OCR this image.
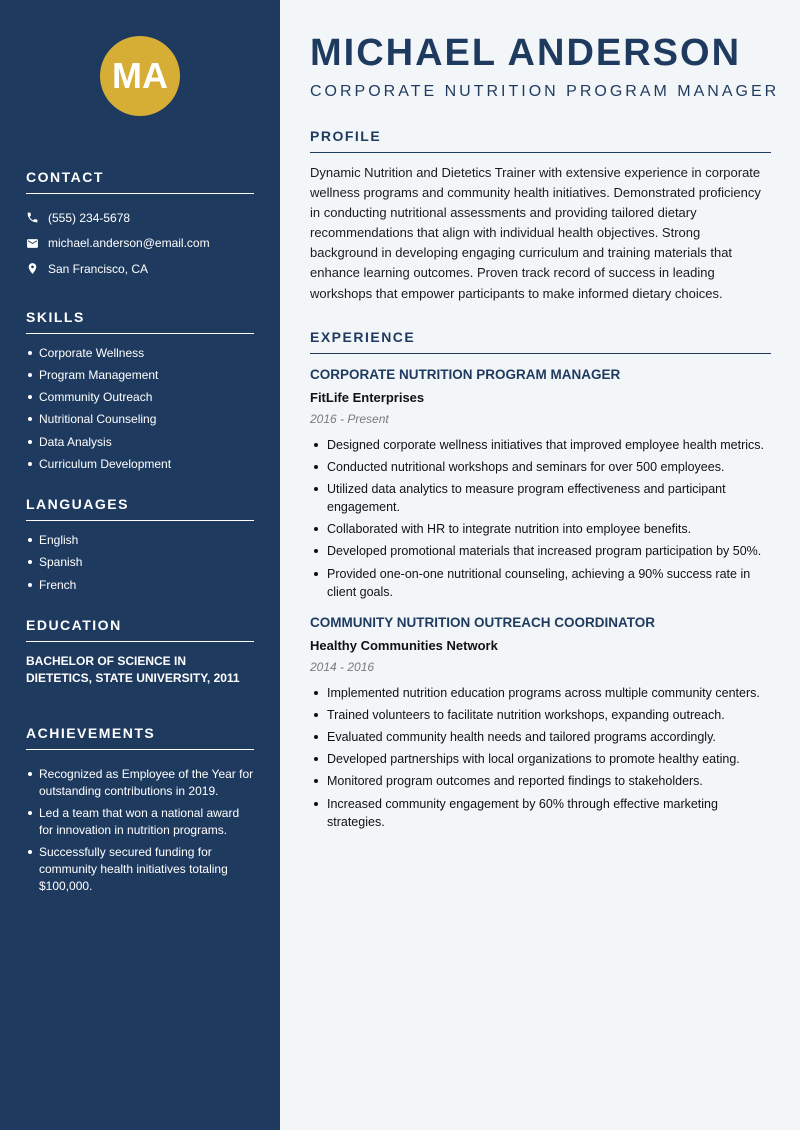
MA
CONTACT
(555) 234-5678
michael.anderson@email.com
San Francisco, CA
SKILLS
Corporate Wellness
Program Management
Community Outreach
Nutritional Counseling
Data Analysis
Curriculum Development
LANGUAGES
English
Spanish
French
EDUCATION
BACHELOR OF SCIENCE IN DIETETICS, STATE UNIVERSITY, 2011
ACHIEVEMENTS
Recognized as Employee of the Year for outstanding contributions in 2019.
Led a team that won a national award for innovation in nutrition programs.
Successfully secured funding for community health initiatives totaling $100,000.
MICHAEL ANDERSON
CORPORATE NUTRITION PROGRAM MANAGER
PROFILE

Dynamic Nutrition and Dietetics Trainer with extensive experience in corporate wellness programs and community health initiatives. Demonstrated proficiency in conducting nutritional assessments and providing tailored dietary recommendations that align with individual health objectives. Strong background in developing engaging curriculum and training materials that enhance learning outcomes. Proven track record of success in leading workshops that empower participants to make informed dietary choices.

EXPERIENCE
CORPORATE NUTRITION PROGRAM MANAGER
FitLife Enterprises
2016 - Present
Designed corporate wellness initiatives that improved employee health metrics.
Conducted nutritional workshops and seminars for over 500 employees.
Utilized data analytics to measure program effectiveness and participant engagement.
Collaborated with HR to integrate nutrition into employee benefits.
Developed promotional materials that increased program participation by 50%.
Provided one-on-one nutritional counseling, achieving a 90% success rate in client goals.
COMMUNITY NUTRITION OUTREACH COORDINATOR
Healthy Communities Network
2014 - 2016
Implemented nutrition education programs across multiple community centers.
Trained volunteers to facilitate nutrition workshops, expanding outreach.
Evaluated community health needs and tailored programs accordingly.
Developed partnerships with local organizations to promote healthy eating.
Monitored program outcomes and reported findings to stakeholders.
Increased community engagement by 60% through effective marketing strategies.
